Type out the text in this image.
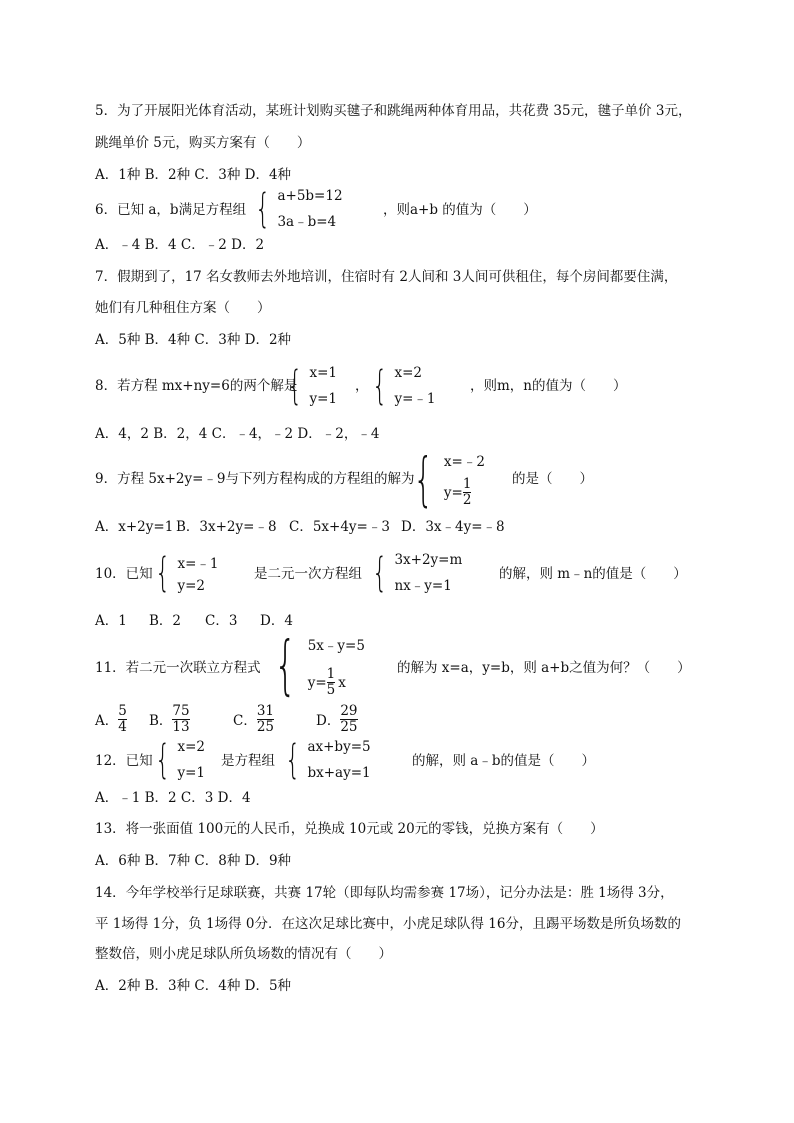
5．为了开展阳光体育活动，某班计划购买毽子和跳绳两种体育用品，共花费 35元，毽子单价 3元，
跳绳单价 5元，购买方案有（　　）
A．1种 B．2种 C．3种 D．4种
6．已知 a，b满足方程组 { a+5b=12
3a﹣b=4
，则a+b 的值为（　　）
A．﹣4 B．4 C．﹣2 D．2
7．假期到了，17 名女教师去外地培训，住宿时有 2人间和 3人间可供租住，每个房间都要住满，
她们有几种租住方案（　　）
A．5种 B．4种 C．3种 D．2种
8．若方程 mx+ny=6的两个解是
{ x=1
y=1
， { x=2
y=﹣1
，则m，n的值为（　　）
A．4，2 B．2，4 C．﹣4，﹣2 D．﹣2，﹣4
9．方程 5x+2y=﹣9与下列方程构成的方程组的解为
{ x=﹣2
$y= \frac{1}{2}$	的是（　　）
A．x+2y=1 B．3x+2y=﹣8 C．5x+4y=﹣3 D．3x﹣4y=﹣8
10．已知 { x=﹣1
y=2
是二元一次方程组 { 3x+2y=m
nx﹣y=1
的解，则 m﹣n的值是（　　）
A．1 B．2 C．3 D．4
11．若二元一次联立方程式 { 5x﹣y=5
$y= \frac{1}{5}$ x
的解为 x=a，y=b，则 a+b之值为何？（　　）
A． $\frac{5}{4}$ B． $\frac{75}{13}$	C． $\frac{31}{25}$	D． $\frac{29}{25}$
12．已知 { x=2
y=1
是方程组 { ax+by=5
bx+ay=1
的解，则 a﹣b的值是（　　）
A．﹣1 B．2 C．3 D．4
13．将一张面值 100元的人民币，兑换成 10元或 20元的零钱，兑换方案有（　　）
A．6种 B．7种 C．8种 D．9种
14．今年学校举行足球联赛，共赛 17轮（即每队均需参赛 17场），记分办法是：胜 1场得 3分，
平 1场得 1分，负 1场得 0分．在这次足球比赛中，小虎足球队得 16分，且踢平场数是所负场数的
整数倍，则小虎足球队所负场数的情况有（　　）
A．2种 B．3种 C．4种 D．5种
